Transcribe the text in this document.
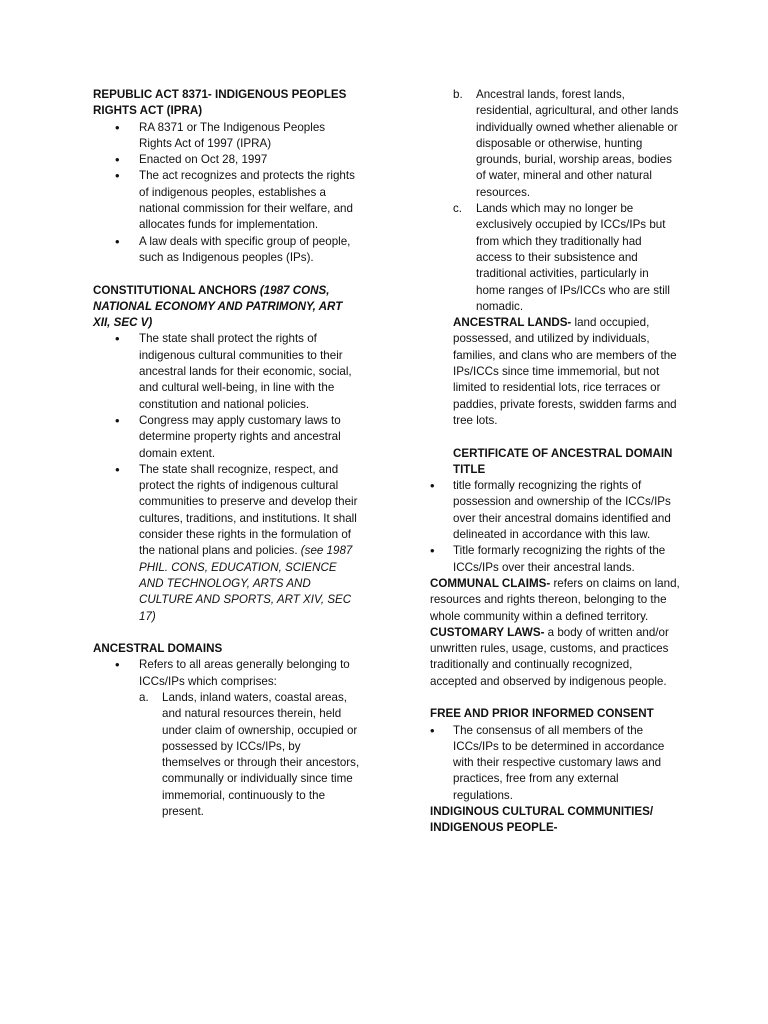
REPUBLIC ACT 8371- INDIGENOUS PEOPLES
RIGHTS ACT (IPRA)

• RA 8371 or The Indigenous Peoples Rights Act of 1997 (IPRA)

• Enacted on Oct 28, 1997

• The act recognizes and protects the rights of indigenous peoples, establishes a national commission for their welfare, and allocates funds for implementation.

• A law deals with specific group of people, such as Indigenous peoples (IPs).

CONSTITUTIONAL ANCHORS (1987 CONS, NATIONAL ECONOMY AND PATRIMONY, ART XII, SEC V)

• The state shall protect the rights of indigenous cultural communities to their ancestral lands for their economic, social, and cultural well-being, in line with the constitution and national policies.

• Congress may apply customary laws to determine property rights and ancestral domain extent.

• The state shall recognize, respect, and protect the rights of indigenous cultural communities to preserve and develop their cultures, traditions, and institutions. It shall consider these rights in the formulation of the national plans and policies. (see 1987 PHIL. CONS, EDUCATION, SCIENCE AND TECHNOLOGY, ARTS AND CULTURE AND SPORTS, ART XIV, SEC 17)

ANCESTRAL DOMAINS

• Refers to all areas generally belonging to ICCs/IPs which comprises:

a. Lands, inland waters, coastal areas, and natural resources therein, held under claim of ownership, occupied or possessed by ICCs/IPs, by themselves or through their ancestors, communally or individually since time immemorial, continuously to the present.

b. Ancestral lands, forest lands, residential, agricultural, and other lands individually owned whether alienable or disposable or otherwise, hunting grounds, burial, worship areas, bodies of water, mineral and other natural resources.

c. Lands which may no longer be exclusively occupied by ICCs/IPs but from which they traditionally had access to their subsistence and traditional activities, particularly in home ranges of IPs/ICCs who are still nomadic.

ANCESTRAL LANDS- land occupied, possessed, and utilized by individuals, families, and clans who are members of the IPs/ICCs since time immemorial, but not limited to residential lots, rice terraces or paddies, private forests, swidden farms and tree lots.

CERTIFICATE OF ANCESTRAL DOMAIN TITLE

• title formally recognizing the rights of possession and ownership of the ICCs/IPs over their ancestral domains identified and delineated in accordance with this law.

• Title formarly recognizing the rights of the ICCs/IPs over their ancestral lands.

COMMUNAL CLAIMS- refers on claims on land, resources and rights thereon, belonging to the whole community within a defined territory.

CUSTOMARY LAWS- a body of written and/or unwritten rules, usage, customs, and practices traditionally and continually recognized, accepted and observed by indigenous people.

FREE AND PRIOR INFORMED CONSENT

• The consensus of all members of the ICCs/IPs to be determined in accordance with their respective customary laws and practices, free from any external regulations.

INDIGINOUS CULTURAL COMMUNITIES/
INDIGENOUS PEOPLE-
